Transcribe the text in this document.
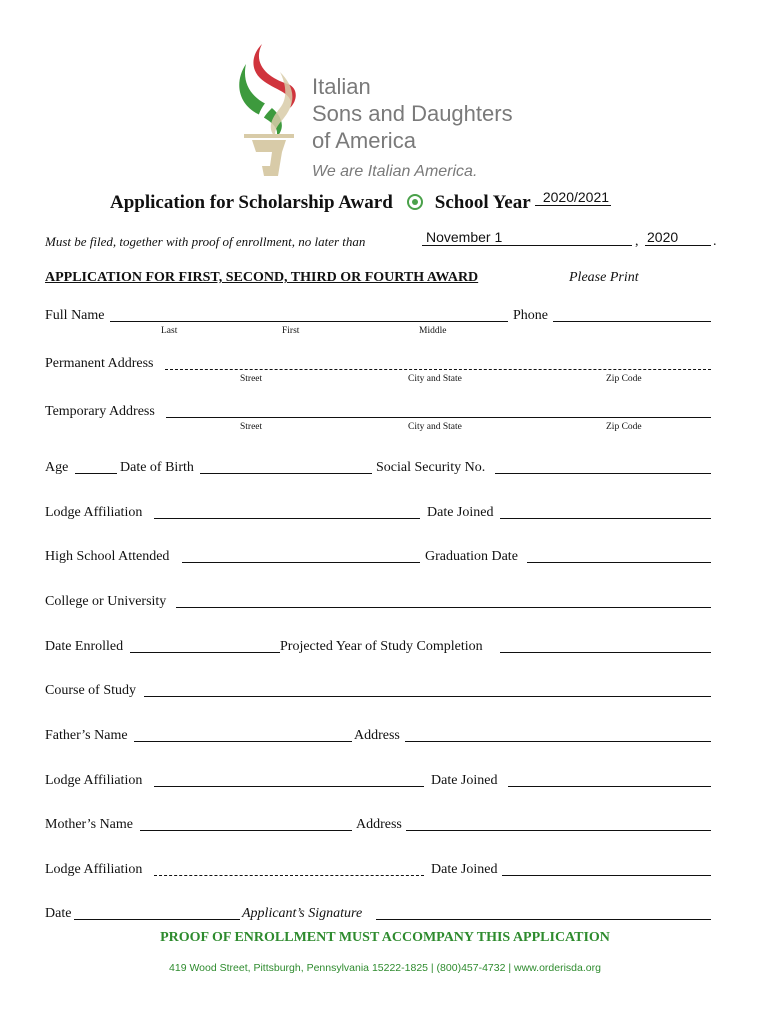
Italian
Sons and Daughters
of America
We are Italian America.
Application for Scholarship Award School Year 2020/2021
Must be filed, together with proof of enrollment, no later than	November 1	, 2020	.
APPLICATION FOR FIRST, SECOND, THIRD OR FOURTH AWARD	Please Print
Full Name	Phone
Last	First	Middle
Permanent Address
Street	City and State	Zip Code
Temporary Address
Street	City and State	Zip Code
Age	Date of Birth	Social Security No.
Lodge Affiliation	Date Joined
High School Attended	Graduation Date
College or University
Date Enrolled	Projected Year of Study Completion
Course of Study
Father’s Name	Address
Lodge Affiliation	Date Joined
Mother’s Name	Address
Lodge Affiliation	Date Joined
Date	Applicant’s Signature
PROOF OF ENROLLMENT MUST ACCOMPANY THIS APPLICATION
419 Wood Street, Pittsburgh, Pennsylvania 15222-1825 | (800)457-4732 | www.orderisda.org
